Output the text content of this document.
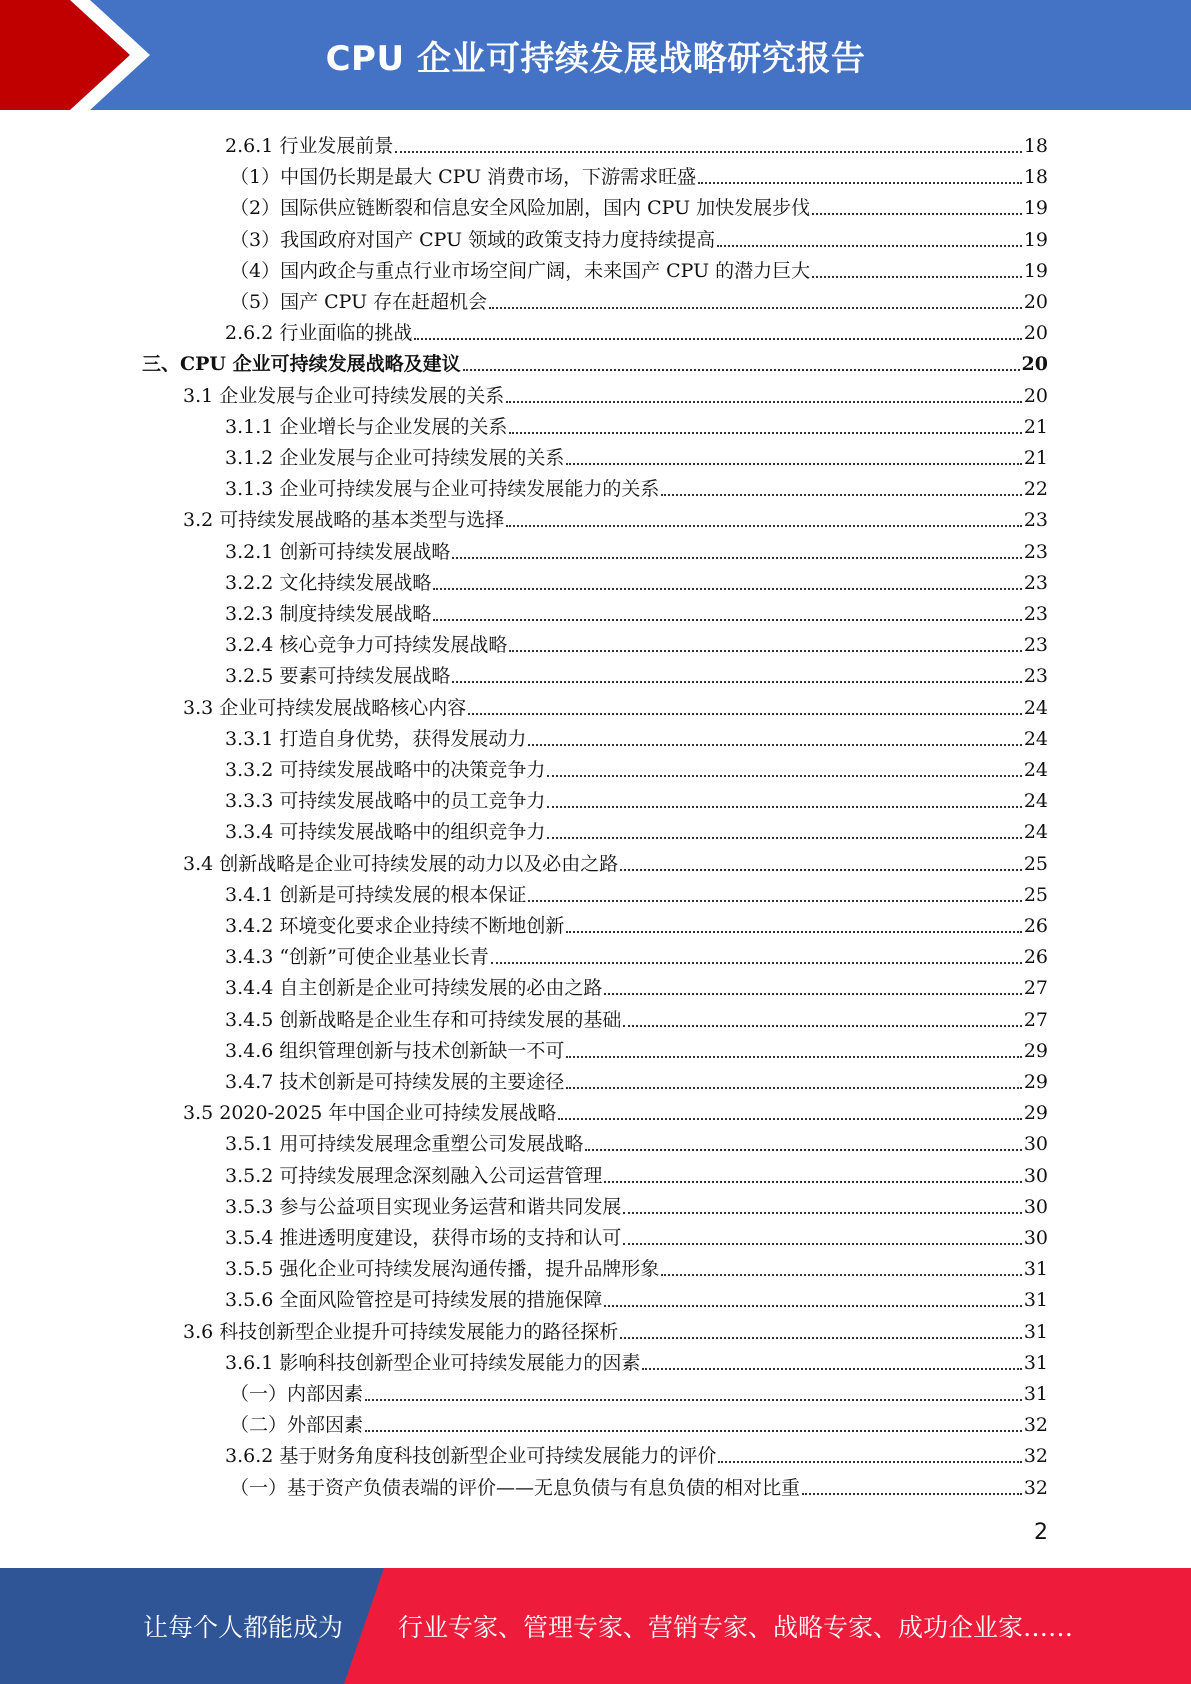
CPU 企业可持续发展战略研究报告
2.6.1 行业发展前景	18
（1）中国仍长期是最大 CPU 消费市场，下游需求旺盛	18
（2）国际供应链断裂和信息安全风险加剧，国内 CPU 加快发展步伐	19
（3）我国政府对国产 CPU 领域的政策支持力度持续提高	19
（4）国内政企与重点行业市场空间广阔，未来国产 CPU 的潜力巨大	19
（5）国产 CPU 存在赶超机会	20
2.6.2 行业面临的挑战	20
三、CPU 企业可持续发展战略及建议	20
3.1 企业发展与企业可持续发展的关系	20
3.1.1 企业增长与企业发展的关系	21
3.1.2 企业发展与企业可持续发展的关系	21
3.1.3 企业可持续发展与企业可持续发展能力的关系	22
3.2 可持续发展战略的基本类型与选择	23
3.2.1 创新可持续发展战略	23
3.2.2 文化持续发展战略	23
3.2.3 制度持续发展战略	23
3.2.4 核心竞争力可持续发展战略	23
3.2.5 要素可持续发展战略	23
3.3 企业可持续发展战略核心内容	24
3.3.1 打造自身优势，获得发展动力	24
3.3.2 可持续发展战略中的决策竞争力	24
3.3.3 可持续发展战略中的员工竞争力	24
3.3.4 可持续发展战略中的组织竞争力	24
3.4 创新战略是企业可持续发展的动力以及必由之路	25
3.4.1 创新是可持续发展的根本保证	25
3.4.2 环境变化要求企业持续不断地创新	26
3.4.3 “创新”可使企业基业长青	26
3.4.4 自主创新是企业可持续发展的必由之路	27
3.4.5 创新战略是企业生存和可持续发展的基础	27
3.4.6 组织管理创新与技术创新缺一不可	29
3.4.7 技术创新是可持续发展的主要途径	29
3.5 2020-2025 年中国企业可持续发展战略	29
3.5.1 用可持续发展理念重塑公司发展战略	30
3.5.2 可持续发展理念深刻融入公司运营管理	30
3.5.3 参与公益项目实现业务运营和谐共同发展	30
3.5.4 推进透明度建设，获得市场的支持和认可	30
3.5.5 强化企业可持续发展沟通传播，提升品牌形象	31
3.5.6 全面风险管控是可持续发展的措施保障	31
3.6 科技创新型企业提升可持续发展能力的路径探析	31
3.6.1 影响科技创新型企业可持续发展能力的因素	31
（一）内部因素	31
（二）外部因素	32
3.6.2 基于财务角度科技创新型企业可持续发展能力的评价	32
（一）基于资产负债表端的评价——无息负债与有息负债的相对比重	32
2
让每个人都能成为 行业专家、管理专家、营销专家、战略专家、成功企业家……
